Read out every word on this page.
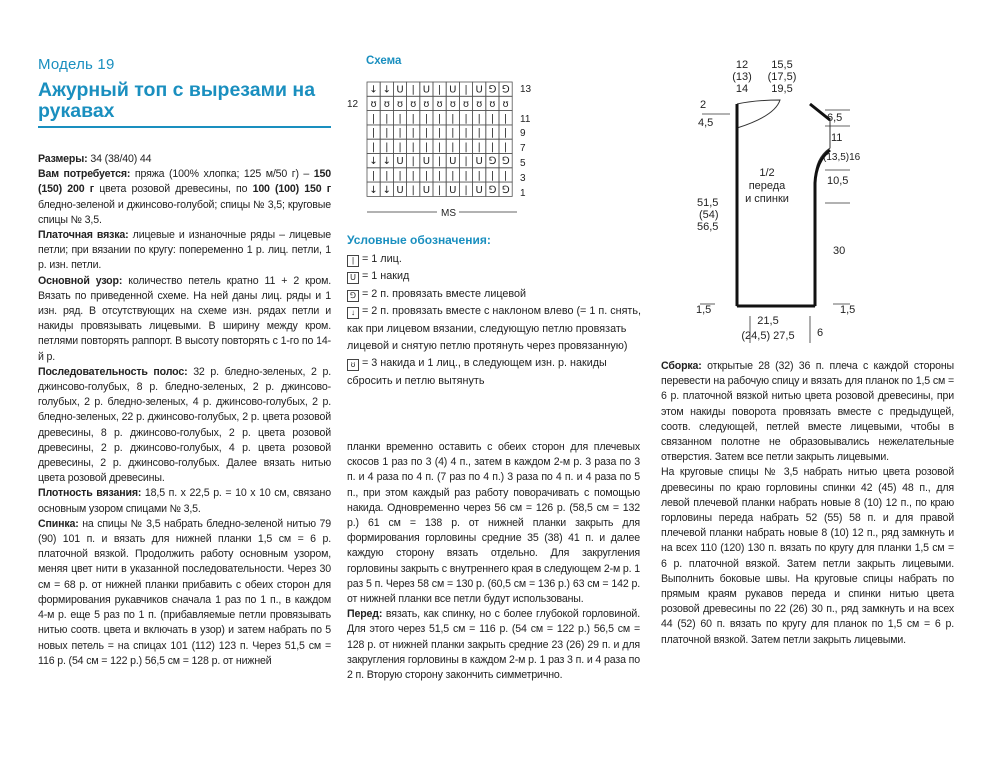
Модель 19
Ажурный топ с вырезами на рукавах
Схема
↓ ↓ U | U | U | U ⅁ ⅁
ʊ ʊ ʊ ʊ ʊ ʊ ʊ ʊ ʊ ʊ ʊ
| | | | | | | | | | |
| | | | | | | | | | |
| | | | | | | | | | |
↓ ↓ U | U | U | U ⅁ ⅁
| | | | | | | | | | |
↓ ↓ U | U | U | U ⅁ ⅁
12
13
11
9
7
5
3
1
MS
Условные обозначения:

| = 1 лиц.

U = 1 накид

⅁ = 2 п. провязать вместе лицевой

↓ = 2 п. провязать вместе с наклоном влево (= 1 п. снять, как при лицевом вязании, следующую петлю провязать лицевой и снятую петлю протянуть через провязанную)

ʊ = 3 накида и 1 лиц., в следующем изн. р. накиды сбросить и петлю вытянуть

12
(13)
14
15,5
(17,5)
19,5
2
4,5	6,5
11
(13,5)16
10,5
30
51,5
(54)
56,5
1/2
переда
и спинки
1,5	1,5
21,5
(24,5) 27,5 6

Размеры: 34 (38/40) 44

Вам потребуется: пряжа (100% хлопка; 125 м/50 г) – 150 (150) 200 г цвета розовой древесины, по 100 (100) 150 г бледно-зеленой и джинсово-голубой; спицы № 3,5; круговые спицы № 3,5.

Платочная вязка: лицевые и изнаночные ряды – лицевые петли; при вязании по кругу: попеременно 1 р. лиц. петли, 1 р. изн. петли.

Основной узор: количество петель кратно 11 + 2 кром. Вязать по приведенной схеме. На ней даны лиц. ряды и 1 изн. ряд. В отсутствующих на схеме изн. рядах петли и накиды провязывать лицевыми. В ширину между кром. петлями повторять раппорт. В высоту повторять с 1-го по 14-й р.

Последовательность полос: 32 р. бледно-зеленых, 2 р. джинсово-голубых, 8 р. бледно-зеленых, 2 р. джинсово-голубых, 2 р. бледно-зеленых, 4 р. джинсово-голубых, 2 р. бледно-зеленых, 22 р. джинсово-голубых, 2 р. цвета розовой древесины, 8 р. джинсово-голубых, 2 р. цвета розовой древесины, 2 р. джинсово-голубых, 4 р. цвета розовой древесины, 2 р. джинсово-голубых. Далее вязать нитью цвета розовой древесины.

Плотность вязания: 18,5 п. х 22,5 р. = 10 х 10 см, связано основным узором спицами № 3,5.

Спинка: на спицы № 3,5 набрать бледно-зеленой нитью 79 (90) 101 п. и вязать для нижней планки 1,5 см = 6 р. платочной вязкой. Продолжить работу основным узором, меняя цвет нити в указанной последовательности. Через 30 см = 68 р. от нижней планки прибавить с обеих сторон для формирования рукавчиков сначала 1 раз по 1 п., в каждом 4-м р. еще 5 раз по 1 п. (прибавляемые петли провязывать нитью соотв. цвета и включать в узор) и затем набрать по 5 новых петель = на спицах 101 (112) 123 п. Через 51,5 см = 116 р. (54 см = 122 р.) 56,5 см = 128 р. от нижней

планки временно оставить с обеих сторон для плечевых скосов 1 раз по 3 (4) 4 п., затем в каждом 2-м р. 3 раза по 3 п. и 4 раза по 4 п. (7 раз по 4 п.) 3 раза по 4 п. и 4 раза по 5 п., при этом каждый раз работу поворачивать с помощью накида. Одновременно через 56 см = 126 р. (58,5 см = 132 р.) 61 см = 138 р. от нижней планки закрыть для формирования горловины средние 35 (38) 41 п. и далее каждую сторону вязать отдельно. Для закругления горловины закрыть с внутреннего края в следующем 2-м р. 1 раз 5 п. Через 58 см = 130 р. (60,5 см = 136 р.) 63 см = 142 р. от нижней планки все петли будут использованы.

Перед: вязать, как спинку, но с более глубокой горловиной. Для этого через 51,5 см = 116 р. (54 см = 122 р.) 56,5 см = 128 р. от нижней планки закрыть средние 23 (26) 29 п. и для закругления горловины в каждом 2-м р. 1 раз 3 п. и 4 раза по 2 п. Вторую сторону закончить симметрично.

Сборка: открытые 28 (32) 36 п. плеча с каждой стороны перевести на рабочую спицу и вязать для планок по 1,5 см = 6 р. платочной вязкой нитью цвета розовой древесины, при этом накиды поворота провязать вместе с предыдущей, соотв. следующей, петлей вместе лицевыми, чтобы в связанном полотне не образовывались нежелательные отверстия. Затем все петли закрыть лицевыми.

На круговые спицы № 3,5 набрать нитью цвета розовой древесины по краю горловины спинки 42 (45) 48 п., для левой плечевой планки набрать новые 8 (10) 12 п., по краю горловины переда набрать 52 (55) 58 п. и для правой плечевой планки набрать новые 8 (10) 12 п., ряд замкнуть и на всех 110 (120) 130 п. вязать по кругу для планки 1,5 см = 6 р. платочной вязкой. Затем петли закрыть лицевыми. Выполнить боковые швы. На круговые спицы набрать по прямым краям рукавов переда и спинки нитью цвета розовой древесины по 22 (26) 30 п., ряд замкнуть и на всех 44 (52) 60 п. вязать по кругу для планок по 1,5 см = 6 р. платочной вязкой. Затем петли закрыть лицевыми.
